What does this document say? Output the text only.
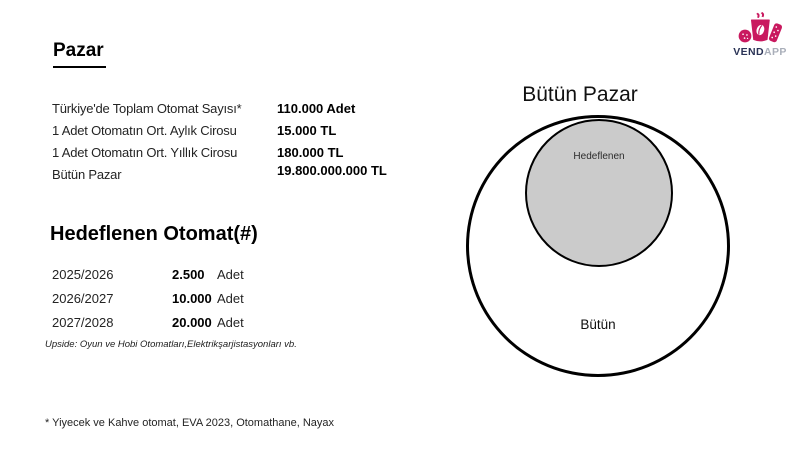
Pazar
Türkiye'de Toplam Otomat Sayısı*	110.000 Adet
1 Adet Otomatın Ort. Aylık Cirosu	15.000 TL
1 Adet Otomatın Ort. Yıllık Cirosu	180.000 TL
Bütün Pazar	19.800.000.000 TL
Hedeflenen Otomat(#)
2025/2026	2.500 Adet
2026/2027	10.000 Adet
2027/2028	20.000 Adet
Upside: Oyun ve Hobi Otomatları,Elektrikşarjistasyonları vb.
Bütün Pazar
Hedeflenen
Bütün
* Yiyecek ve Kahve otomat, EVA 2023, Otomathane, Nayax
VENDAPP
